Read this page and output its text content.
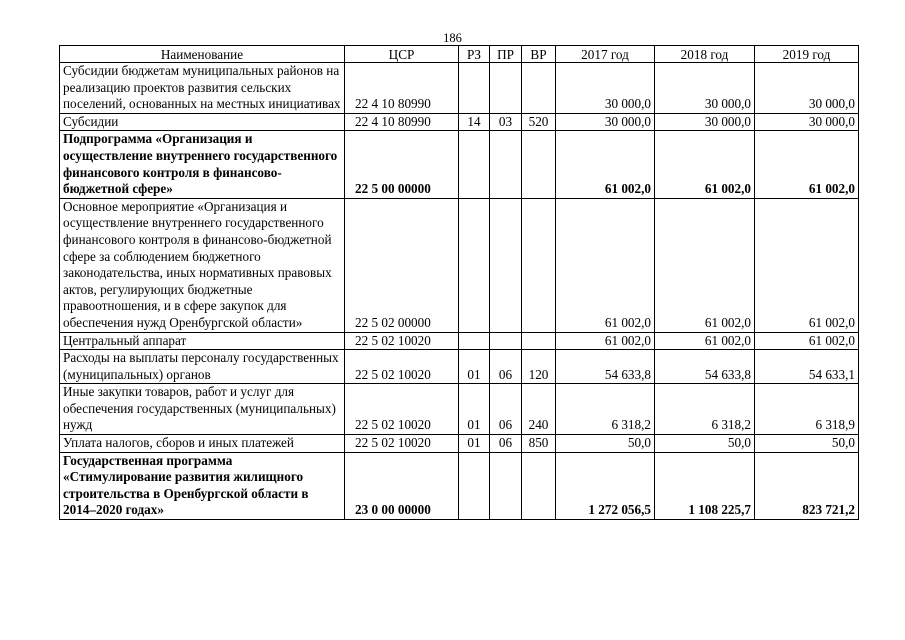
186
Наименование	ЦСР	РЗ	ПР	ВР	2017 год	2018 год	2019 год
Субсидии бюджетам муниципальных районов на реализацию проектов развития сельских поселений, основанных на местных инициативах	22 4 10 80990				30 000,0	30 000,0	30 000,0
Субсидии	22 4 10 80990	14	03	520	30 000,0	30 000,0	30 000,0
Подпрограмма «Организация и осуществление внутреннего государственного финансового контроля в финансово-бюджетной сфере»	22 5 00 00000				61 002,0	61 002,0	61 002,0
Основное мероприятие «Организация и осуществление внутреннего государственного финансового контроля в финансово-бюджетной сфере за соблюдением бюджетного законодательства, иных нормативных правовых актов, регулирующих бюджетные правоотношения, и в сфере закупок для обеспечения нужд Оренбургской области»	22 5 02 00000				61 002,0	61 002,0	61 002,0
Центральный аппарат	22 5 02 10020				61 002,0	61 002,0	61 002,0
Расходы на выплаты персоналу государственных (муниципальных) органов	22 5 02 10020	01	06	120	54 633,8	54 633,8	54 633,1
Иные закупки товаров, работ и услуг для обеспечения государственных (муниципальных) нужд	22 5 02 10020	01	06	240	6 318,2	6 318,2	6 318,9
Уплата налогов, сборов и иных платежей	22 5 02 10020	01	06	850	50,0	50,0	50,0
Государственная программа «Стимулирование развития жилищного строительства в Оренбургской области в 2014–2020 годах»	23 0 00 00000				1 272 056,5	1 108 225,7	823 721,2
